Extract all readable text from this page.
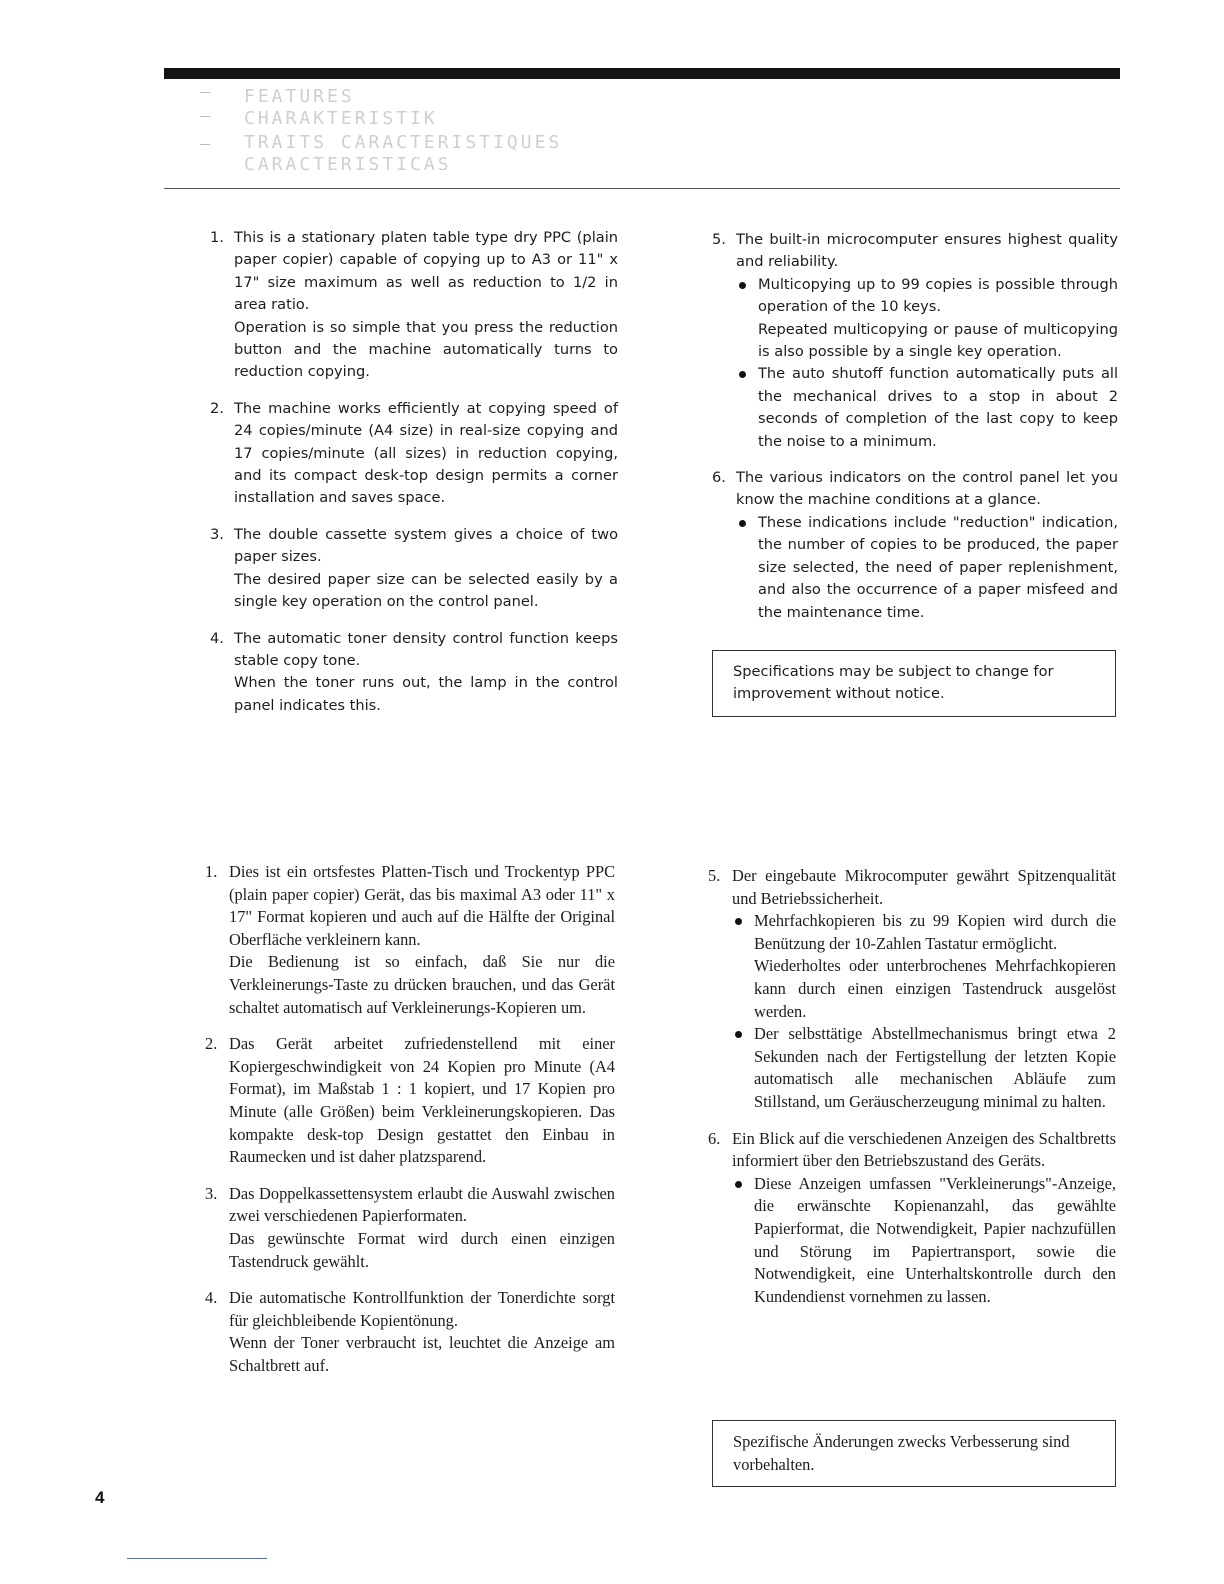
FEATURES
CHARAKTERISTIK
TRAITS CARACTERISTIQUES
CARACTERISTICAS
1. This is a stationary platen table type dry PPC (plain paper copier) capable of copying up to A3 or 11" x 17" size maximum as well as reduction to 1/2 in area ratio.

Operation is so simple that you press the reduction button and the machine automatically turns to reduction copying.

2. The machine works efficiently at copying speed of 24 copies/minute (A4 size) in real-size copying and 17 copies/minute (all sizes) in reduction copying, and its compact desk-top design permits a corner installation and saves space.

3. The double cassette system gives a choice of two paper sizes.

The desired paper size can be selected easily by a single key operation on the control panel.

4. The automatic toner density control function keeps stable copy tone.

When the toner runs out, the lamp in the control panel indicates this.

5. The built-in microcomputer ensures highest quality and reliability.

Multicopying up to 99 copies is possible through operation of the 10 keys.

Repeated multicopying or pause of multicopying is also possible by a single key operation.

The auto shutoff function automatically puts all the mechanical drives to a stop in about 2 seconds of completion of the last copy to keep the noise to a minimum.

6. The various indicators on the control panel let you know the machine conditions at a glance.

These indications include "reduction" indication, the number of copies to be produced, the paper size selected, the need of paper replenishment, and also the occurrence of a paper misfeed and the maintenance time.

Specifications may be subject to change for improvement without notice.
1. Dies ist ein ortsfestes Platten-Tisch und Trockentyp PPC (plain paper copier) Gerät, das bis maximal A3 oder 11" x 17" Format kopieren und auch auf die Hälfte der Original Oberfläche verkleinern kann.

Die Bedienung ist so einfach, daß Sie nur die Verkleinerungs-Taste zu drücken brauchen, und das Gerät schaltet automatisch auf Verkleinerungs-Kopieren um.

2. Das Gerät arbeitet zufriedenstellend mit einer Kopiergeschwindigkeit von 24 Kopien pro Minute (A4 Format), im Maßstab 1 : 1 kopiert, und 17 Kopien pro Minute (alle Größen) beim Verkleinerungskopieren. Das kompakte desk-top Design gestattet den Einbau in Raumecken und ist daher platzsparend.

3. Das Doppelkassettensystem erlaubt die Auswahl zwischen zwei verschiedenen Papierformaten.

Das gewünschte Format wird durch einen einzigen Tastendruck gewählt.

4. Die automatische Kontrollfunktion der Tonerdichte sorgt für gleichbleibende Kopientönung.

Wenn der Toner verbraucht ist, leuchtet die Anzeige am Schaltbrett auf.

5. Der eingebaute Mikrocomputer gewährt Spitzenqualität und Betriebssicherheit.

Mehrfachkopieren bis zu 99 Kopien wird durch die Benützung der 10-Zahlen Tastatur ermöglicht.

Wiederholtes oder unterbrochenes Mehrfachkopieren kann durch einen einzigen Tastendruck ausgelöst werden.

Der selbsttätige Abstellmechanismus bringt etwa 2 Sekunden nach der Fertigstellung der letzten Kopie automatisch alle mechanischen Abläufe zum Stillstand, um Geräuscherzeugung minimal zu halten.

6. Ein Blick auf die verschiedenen Anzeigen des Schaltbretts informiert über den Betriebszustand des Geräts.

Diese Anzeigen umfassen "Verkleinerungs"-Anzeige, die erwänschte Kopienanzahl, das gewählte Papierformat, die Notwendigkeit, Papier nachzufüllen und Störung im Papiertransport, sowie die Notwendigkeit, eine Unterhaltskontrolle durch den Kundendienst vornehmen zu lassen.

Spezifische Änderungen zwecks Verbesserung sind vorbehalten.
4
